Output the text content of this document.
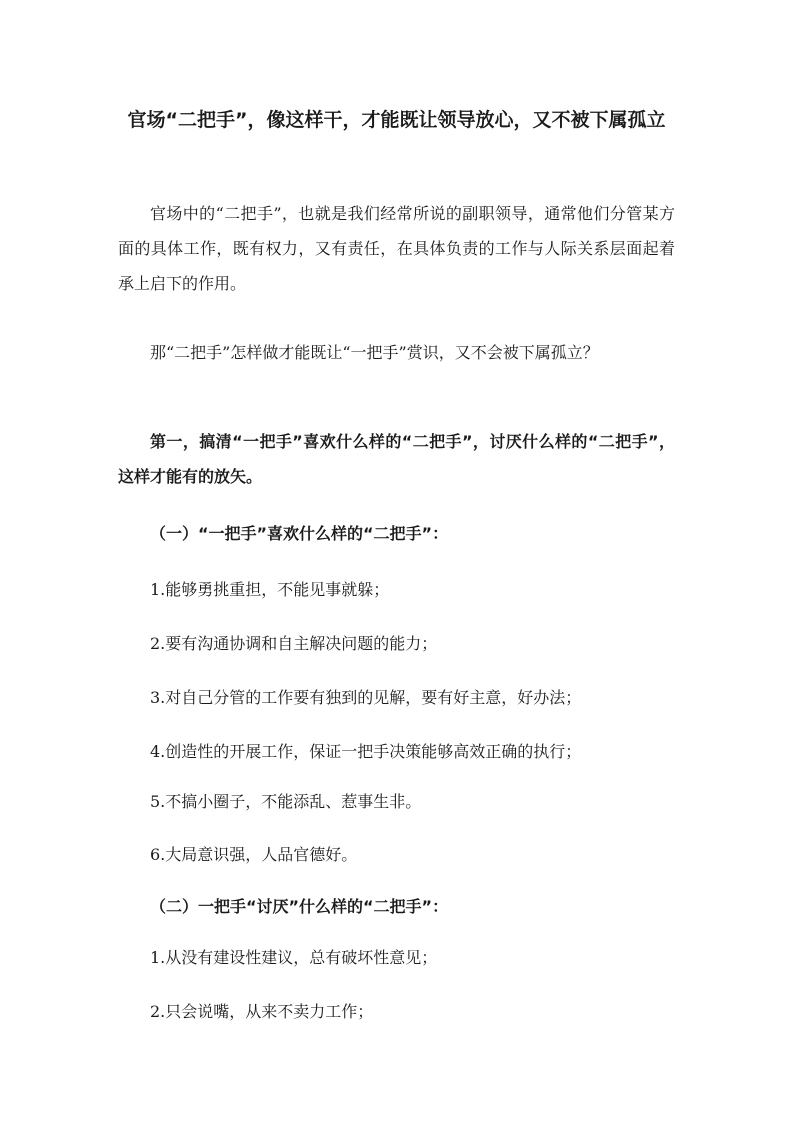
官场“二把手”，像这样干，才能既让领导放心，又不被下属孤立

官场中的“二把手”，也就是我们经常所说的副职领导，通常他们分管某方面的具体工作，既有权力，又有责任，在具体负责的工作与人际关系层面起着承上启下的作用。

那“二把手”怎样做才能既让“一把手”赏识，又不会被下属孤立？

第一，搞清“一把手”喜欢什么样的“二把手”，讨厌什么样的“二把手”，这样才能有的放矢。

（一）“一把手”喜欢什么样的“二把手”：

1.能够勇挑重担，不能见事就躲；

2.要有沟通协调和自主解决问题的能力；

3.对自己分管的工作要有独到的见解，要有好主意，好办法；

4.创造性的开展工作，保证一把手决策能够高效正确的执行；

5.不搞小圈子，不能添乱、惹事生非。

6.大局意识强，人品官德好。

（二）一把手“讨厌”什么样的“二把手”：

1.从没有建设性建议，总有破坏性意见；

2.只会说嘴，从来不卖力工作；
